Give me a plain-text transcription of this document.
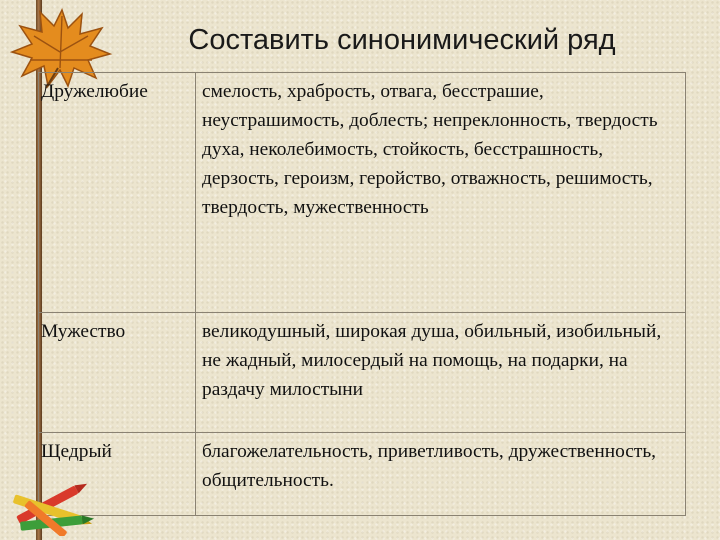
Составить синонимический ряд
Дружелюбие	смелость, храбрость, отвага, бесстрашие, неустрашимость, доблесть; непреклонность, твердость духа, неколебимость, стойкость, бесстрашность, дерзость, героизм, геройство, отважность, решимость, твердость, мужественность
Мужество	великодушный, широкая душа, обильный, изобильный, не жадный, милосердый на помощь, на подарки, на раздачу милостыни
Щедрый	благожелательность, приветливость, дружественность, общительность.
